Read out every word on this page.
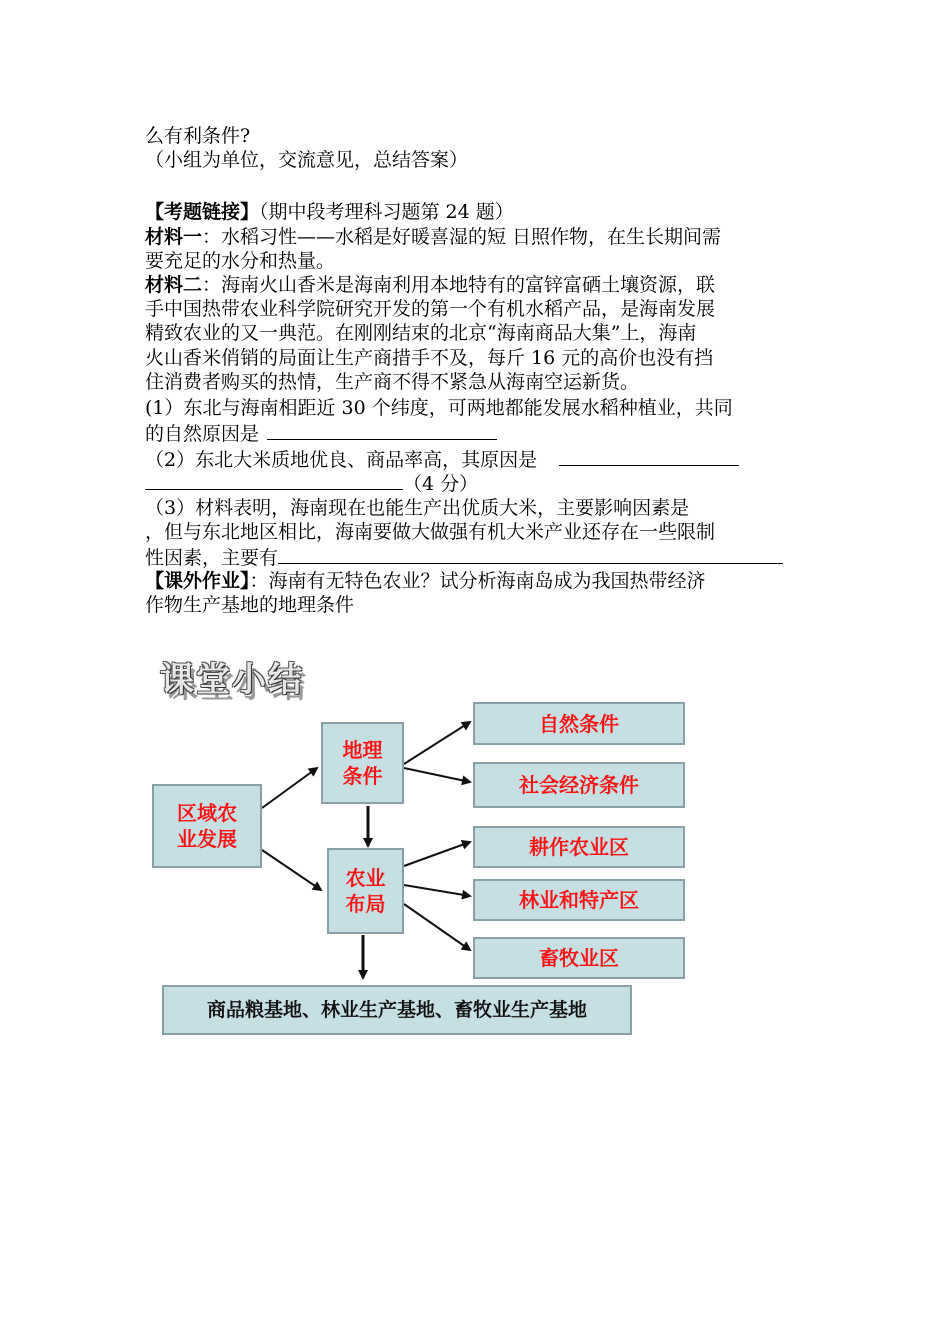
么有利条件?
（小组为单位，交流意见，总结答案）
【考题链接】（期中段考理科习题第 24 题）
材料一：水稻习性——水稻是好暖喜湿的短 日照作物，在生长期间需
要充足的水分和热量。
材料二：海南火山香米是海南利用本地特有的富锌富硒土壤资源，联
手中国热带农业科学院研究开发的第一个有机水稻产品，是海南发展
精致农业的又一典范。在刚刚结束的北京“海南商品大集”上，海南
火山香米俏销的局面让生产商措手不及，每斤 16 元的高价也没有挡
住消费者购买的热情，生产商不得不紧急从海南空运新货。
(1）东北与海南相距近 30 个纬度，可两地都能发展水稻种植业，共同
的自然原因是
（2）东北大米质地优良、商品率高，其原因是
（4 分）
（3）材料表明，海南现在也能生产出优质大米，主要影响因素是
，但与东北地区相比，海南要做大做强有机大米产业还存在一些限制
性因素，主要有
【课外作业】：海南有无特色农业？试分析海南岛成为我国热带经济
作物生产基地的地理条件
课堂小结
区域农
业发展
地理
条件
农业
布局
自然条件
社会经济条件
耕作农业区
林业和特产区
畜牧业区
商品粮基地、林业生产基地、畜牧业生产基地
